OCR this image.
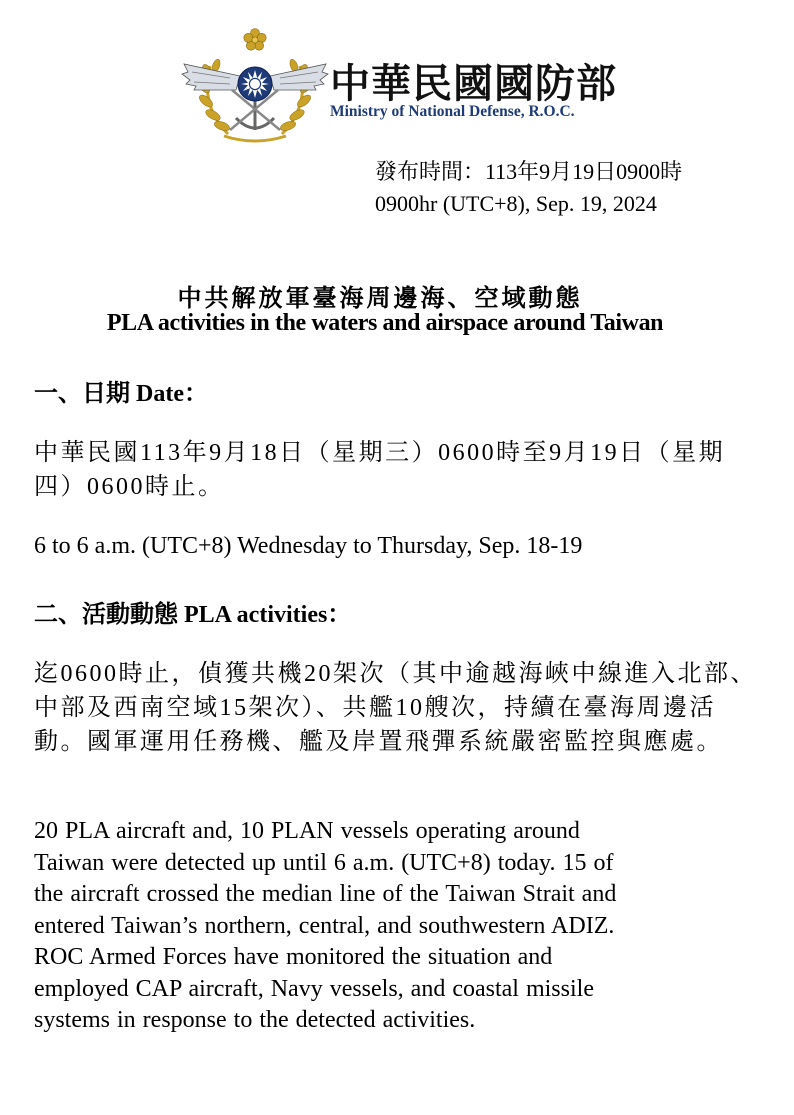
中華民國國防部
Ministry of National Defense, R.O.C.
發布時間：113年9月19日0900時
0900hr (UTC+8), Sep. 19, 2024
中共解放軍臺海周邊海、空域動態
PLA activities in the waters and airspace around Taiwan
一、日期 Date：
中華民國113年9月18日（星期三）0600時至9月19日（星期四）0600時止。
6 to 6 a.m. (UTC+8) Wednesday to Thursday, Sep. 18-19
二、活動動態 PLA activities：
迄0600時止，偵獲共機20架次（其中逾越海峽中線進入北部、中部及西南空域15架次）、共艦10艘次，持續在臺海周邊活動。國軍運用任務機、艦及岸置飛彈系統嚴密監控與應處。
20 PLA aircraft and, 10 PLAN vessels operating around
Taiwan were detected up until 6 a.m. (UTC+8) today. 15 of
the aircraft crossed the median line of the Taiwan Strait and
entered Taiwan’s northern, central, and southwestern ADIZ.
ROC Armed Forces have monitored the situation and
employed CAP aircraft, Navy vessels, and coastal missile
systems in response to the detected activities.
